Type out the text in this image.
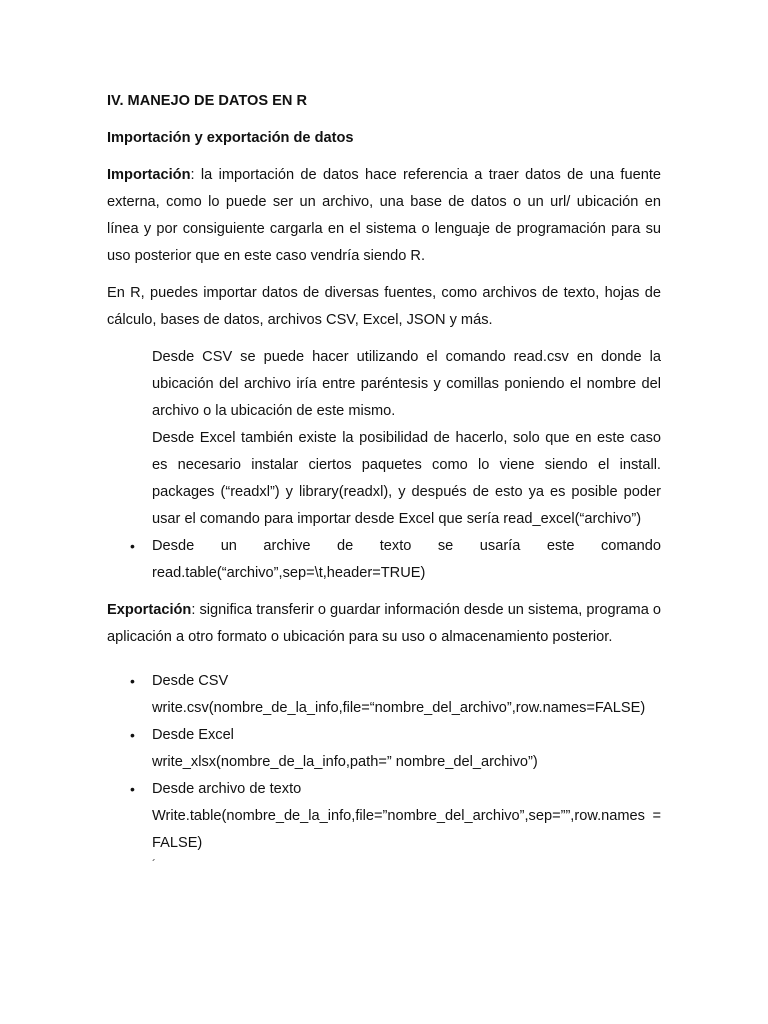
IV. MANEJO DE DATOS EN R

Importación y exportación de datos

Importación: la importación de datos hace referencia a traer datos de una fuente externa, como lo puede ser un archivo, una base de datos o un url/ ubicación en línea y por consiguiente cargarla en el sistema o lenguaje de programación para su uso posterior que en este caso vendría siendo R.

En R, puedes importar datos de diversas fuentes, como archivos de texto, hojas de cálculo, bases de datos, archivos CSV, Excel, JSON y más.

Desde CSV se puede hacer utilizando el comando read.csv en donde la ubicación del archivo iría entre paréntesis y comillas poniendo el nombre del archivo o la ubicación de este mismo.

Desde Excel también existe la posibilidad de hacerlo, solo que en este caso es necesario instalar ciertos paquetes como lo viene siendo el install. packages (“readxl”) y library(readxl), y después de esto ya es posible poder usar el comando para importar desde Excel que sería read_excel(“archivo”)

• Desde un archive de texto se usaría este comando

read.table(“archivo”,sep=\t,header=TRUE)

Exportación: significa transferir o guardar información desde un sistema, programa o aplicación a otro formato o ubicación para su uso o almacenamiento posterior.

• Desde CSV

write.csv(nombre_de_la_info,file=“nombre_del_archivo”,row.names=FALSE)

• Desde Excel

write_xlsx(nombre_de_la_info,path=” nombre_del_archivo”)

• Desde archivo de texto

Write.table(nombre_de_la_info,file=”nombre_del_archivo”,sep=””,row.names =FALSE)

´
